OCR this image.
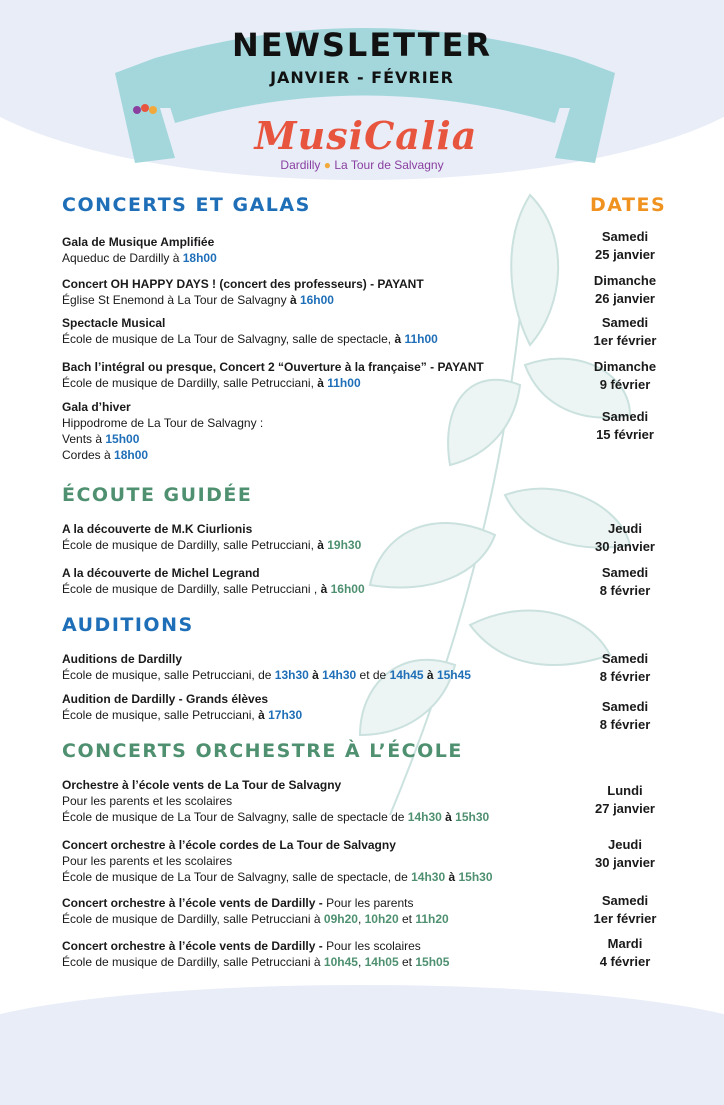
NEWSLETTER
JANVIER - FÉVRIER
MusiCalia
Dardilly ● La Tour de Salvagny
DATES
CONCERTS ET GALAS
Gala de Musique Amplifiée
Aqueduc de Dardilly à 18h00
Samedi
25 janvier
Concert OH HAPPY DAYS ! (concert des professeurs) - PAYANT
Église St Enemond à La Tour de Salvagny à 16h00
Dimanche
26 janvier
Spectacle Musical
École de musique de La Tour de Salvagny, salle de spectacle, à 11h00
Samedi
1er février
Bach l’intégral ou presque, Concert 2 “Ouverture à la française” - PAYANT
École de musique de Dardilly, salle Petrucciani, à 11h00
Dimanche
9 février
Gala d’hiver
Hippodrome de La Tour de Salvagny :
Vents à 15h00
Cordes à 18h00
Samedi
15 février
ÉCOUTE GUIDÉE
A la découverte de M.K Ciurlionis
École de musique de Dardilly, salle Petrucciani, à 19h30
Jeudi
30 janvier
A la découverte de Michel Legrand
École de musique de Dardilly, salle Petrucciani , à 16h00
Samedi
8 février
AUDITIONS
Auditions de Dardilly
École de musique, salle Petrucciani, de 13h30 à 14h30 et de 14h45 à 15h45
Samedi
8 février
Audition de Dardilly - Grands élèves
École de musique, salle Petrucciani, à 17h30
Samedi
8 février
CONCERTS ORCHESTRE À L’ÉCOLE
Orchestre à l’école vents de La Tour de Salvagny
Pour les parents et les scolaires
École de musique de La Tour de Salvagny, salle de spectacle de 14h30 à 15h30
Lundi
27 janvier
Concert orchestre à l’école cordes de La Tour de Salvagny
Pour les parents et les scolaires
École de musique de La Tour de Salvagny, salle de spectacle, de 14h30 à 15h30
Jeudi
30 janvier
Concert orchestre à l’école vents de Dardilly - Pour les parents
École de musique de Dardilly, salle Petrucciani à 09h20, 10h20 et 11h20
Samedi
1er février
Concert orchestre à l’école vents de Dardilly - Pour les scolaires
École de musique de Dardilly, salle Petrucciani à 10h45, 14h05 et 15h05
Mardi
4 février
